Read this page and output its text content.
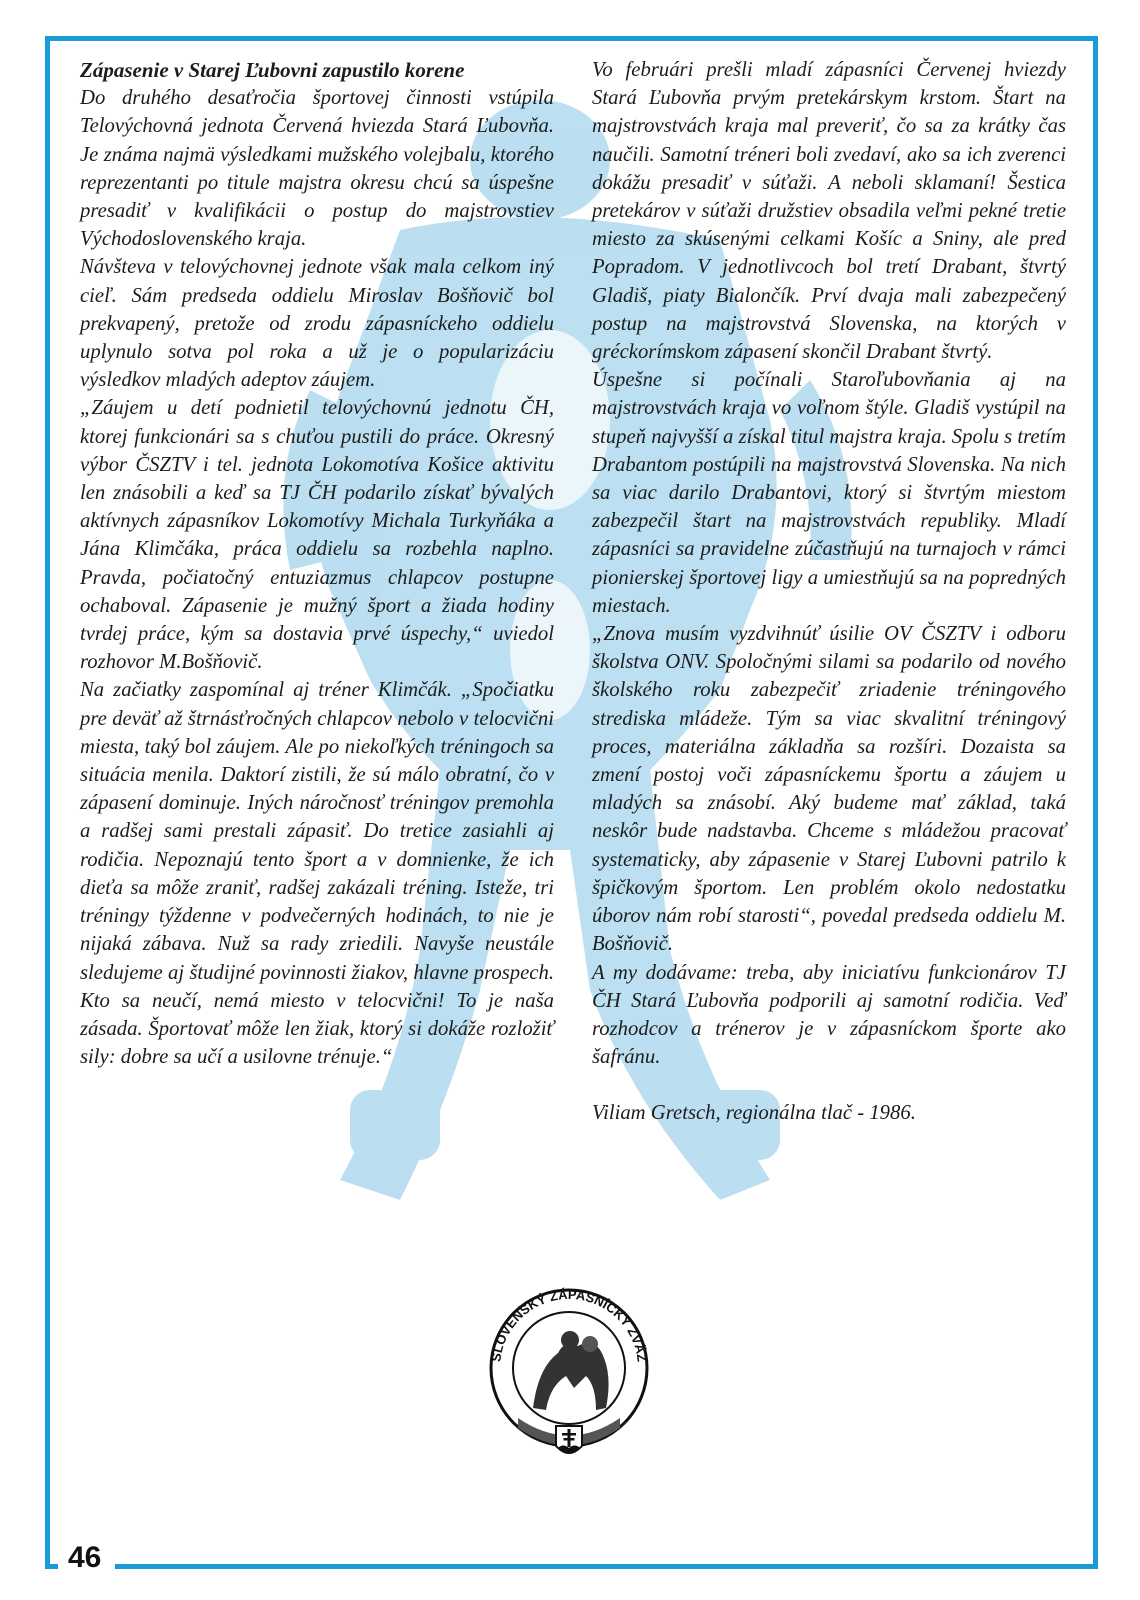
Zápasenie v Starej Ľubovni zapustilo korene

Do druhého desaťročia športovej činnosti vstúpila Telovýchovná jednota Červená hviezda Stará Ľubovňa. Je známa najmä výsledkami mužského volejbalu, ktorého reprezentanti po titule majstra okresu chcú sa úspešne presadiť v kvalifikácii o postup do majstrovstiev Východoslovenského kraja.

Návšteva v telovýchovnej jednote však mala celkom iný cieľ. Sám predseda oddielu Miroslav Bošňovič bol prekvapený, pretože od zrodu zápasníckeho oddielu uplynulo sotva pol roka a už je o popularizáciu výsledkov mladých adeptov záujem.

„Záujem u detí podnietil telovýchovnú jednotu ČH, ktorej funkcionári sa s chuťou pustili do práce. Okresný výbor ČSZTV i tel. jednota Lokomotíva Košice aktivitu len znásobili a keď sa TJ ČH podarilo získať bývalých aktívnych zápasníkov Lokomotívy Michala Turkyňáka a Jána Klimčáka, práca oddielu sa rozbehla naplno. Pravda, počiatočný entuziazmus chlapcov postupne ochaboval. Zápasenie je mužný šport a žiada hodiny tvrdej práce, kým sa dostavia prvé úspechy,“ uviedol rozhovor M.Bošňovič.

Na začiatky zaspomínal aj tréner Klimčák. „Spočiatku pre deväť až štrnásťročných chlapcov nebolo v telocvični miesta, taký bol záujem. Ale po niekoľkých tréningoch sa situácia menila. Daktorí zistili, že sú málo obratní, čo v zápasení dominuje. Iných náročnosť tréningov premohla a radšej sami prestali zápasiť. Do tretice zasiahli aj rodičia. Nepoznajú tento šport a v domnienke, že ich dieťa sa môže zraniť, radšej zakázali tréning. Isteže, tri tréningy týždenne v podvečerných hodinách, to nie je nijaká zábava. Nuž sa rady zriedili. Navyše neustále sledujeme aj študijné povinnosti žiakov, hlavne prospech. Kto sa neučí, nemá miesto v telocvični! To je naša zásada. Športovať môže len žiak, ktorý si dokáže rozložiť sily: dobre sa učí a usilovne trénuje.“

Vo februári prešli mladí zápasníci Červenej hviezdy Stará Ľubovňa prvým pretekárskym krstom. Štart na majstrovstvách kraja mal preveriť, čo sa za krátky čas naučili. Samotní tréneri boli zvedaví, ako sa ich zverenci dokážu presadiť v súťaži. A neboli sklamaní! Šestica pretekárov v súťaži družstiev obsadila veľmi pekné tretie miesto za skúsenými celkami Košíc a Sniny, ale pred Popradom. V jednotlivcoch bol tretí Drabant, štvrtý Gladiš, piaty Bialončík. Prví dvaja mali zabezpečený postup na majstrovstvá Slovenska, na ktorých v gréckorímskom zápasení skončil Drabant štvrtý.

Úspešne si počínali Staroľubovňania aj na majstrovstvách kraja vo voľnom štýle. Gladiš vystúpil na stupeň najvyšší a získal titul majstra kraja. Spolu s tretím Drabantom postúpili na majstrovstvá Slovenska. Na nich sa viac darilo Drabantovi, ktorý si štvrtým miestom zabezpečil štart na majstrovstvách republiky. Mladí zápasníci sa pravidelne zúčastňujú na turnajoch v rámci pionierskej športovej ligy a umiestňujú sa na popredných miestach.

„Znova musím vyzdvihnúť úsilie OV ČSZTV i odboru školstva ONV. Spoločnými silami sa podarilo od nového školského roku zabezpečiť zriadenie tréningového strediska mládeže. Tým sa viac skvalitní tréningový proces, materiálna základňa sa rozšíri. Dozaista sa zmení postoj voči zápasníckemu športu a záujem u mladých sa znásobí. Aký budeme mať základ, taká neskôr bude nadstavba. Chceme s mládežou pracovať systematicky, aby zápasenie v Starej Ľubovni patrilo k špičkovým športom. Len problém okolo nedostatku úborov nám robí starosti“, povedal predseda oddielu M. Bošňovič.

A my dodávame: treba, aby iniciatívu funkcionárov TJ ČH Stará Ľubovňa podporili aj samotní rodičia. Veď rozhodcov a trénerov je v zápasníckom športe ako šafránu.

Viliam Gretsch, regionálna tlač - 1986.

SLOVENSKÝ ZÁPASNÍCKY ZVÄZ
46
